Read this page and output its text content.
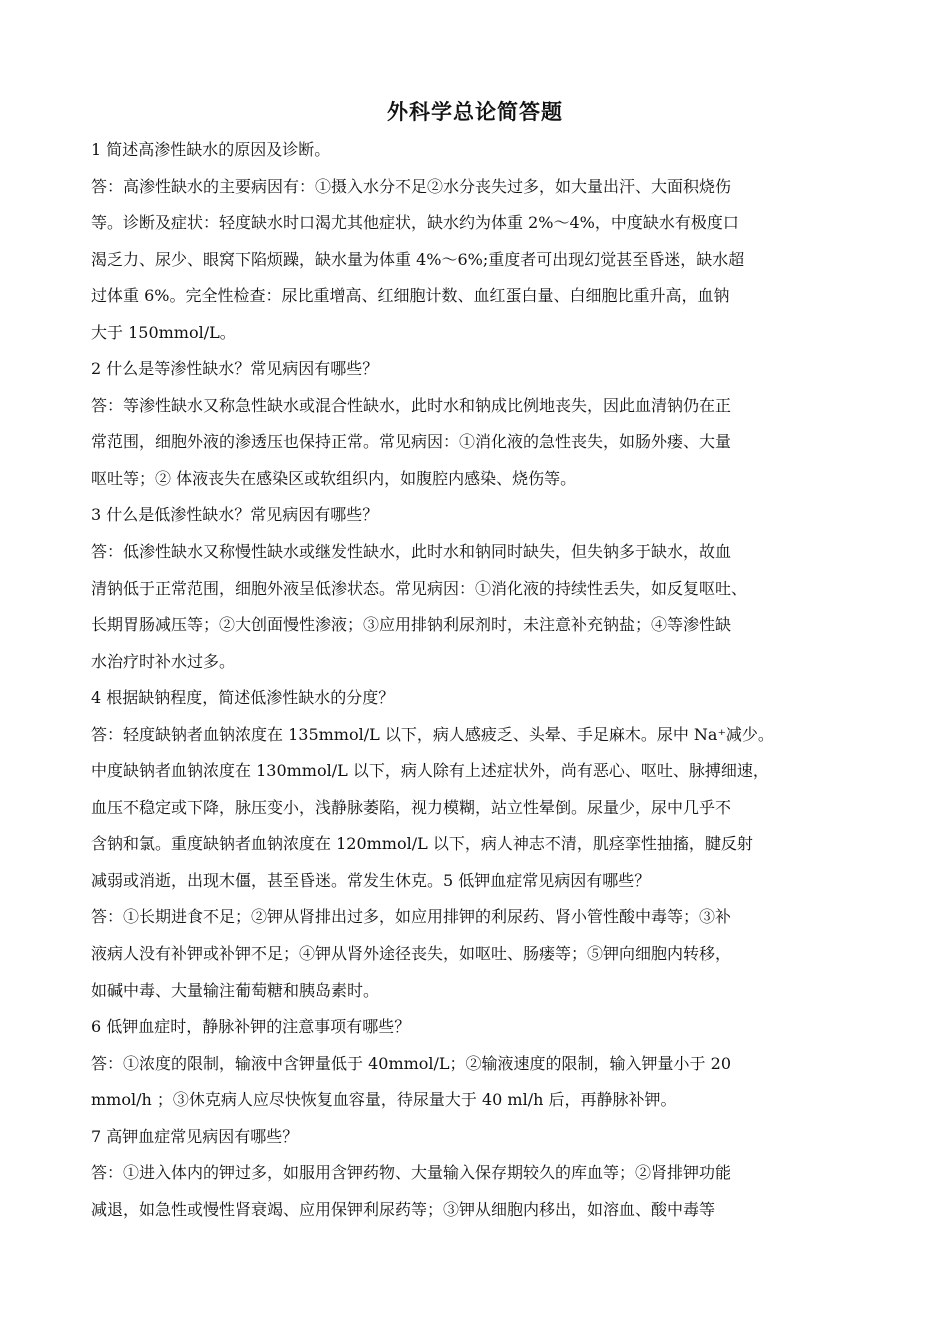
外科学总论简答题
1 简述高渗性缺水的原因及诊断。
答：高渗性缺水的主要病因有：①摄入水分不足②水分丧失过多，如大量出汗、大面积烧伤
等。诊断及症状：轻度缺水时口渴尤其他症状，缺水约为体重 2%～4%，中度缺水有极度口
渴乏力、尿少、眼窝下陷烦躁，缺水量为体重 4%～6%;重度者可出现幻觉甚至昏迷，缺水超
过体重 6%。完全性检查：尿比重增高、红细胞计数、血红蛋白量、白细胞比重升高，血钠
大于 150mmol/L。
2 什么是等渗性缺水？常见病因有哪些？
答：等渗性缺水又称急性缺水或混合性缺水，此时水和钠成比例地丧失，因此血清钠仍在正
常范围，细胞外液的渗透压也保持正常。常见病因：①消化液的急性丧失，如肠外瘘、大量
呕吐等；② 体液丧失在感染区或软组织内，如腹腔内感染、烧伤等。
3 什么是低渗性缺水？常见病因有哪些？
答：低渗性缺水又称慢性缺水或继发性缺水，此时水和钠同时缺失，但失钠多于缺水，故血
清钠低于正常范围，细胞外液呈低渗状态。常见病因：①消化液的持续性丢失，如反复呕吐、
长期胃肠减压等；②大创面慢性渗液；③应用排钠利尿剂时，未注意补充钠盐；④等渗性缺
水治疗时补水过多。
4 根据缺钠程度，简述低渗性缺水的分度？
答：轻度缺钠者血钠浓度在 135mmol/L 以下，病人感疲乏、头晕、手足麻木。尿中 Na⁺减少。
中度缺钠者血钠浓度在 130mmol/L 以下，病人除有上述症状外，尚有恶心、呕吐、脉搏细速，
血压不稳定或下降，脉压变小，浅静脉萎陷，视力模糊，站立性晕倒。尿量少，尿中几乎不
含钠和氯。重度缺钠者血钠浓度在 120mmol/L 以下，病人神志不清，肌痉挛性抽搐，腱反射
减弱或消逝，出现木僵，甚至昏迷。常发生休克。5 低钾血症常见病因有哪些？
答：①长期进食不足；②钾从肾排出过多，如应用排钾的利尿药、肾小管性酸中毒等；③补
液病人没有补钾或补钾不足；④钾从肾外途径丧失，如呕吐、肠瘘等；⑤钾向细胞内转移，
如碱中毒、大量输注葡萄糖和胰岛素时。
6 低钾血症时，静脉补钾的注意事项有哪些？
答：①浓度的限制，输液中含钾量低于 40mmol/L；②输液速度的限制，输入钾量小于 20
mmol/h ；③休克病人应尽快恢复血容量，待尿量大于 40 ml/h 后，再静脉补钾。
7 高钾血症常见病因有哪些？
答：①进入体内的钾过多，如服用含钾药物、大量输入保存期较久的库血等；②肾排钾功能
减退，如急性或慢性肾衰竭、应用保钾利尿药等；③钾从细胞内移出，如溶血、酸中毒等
